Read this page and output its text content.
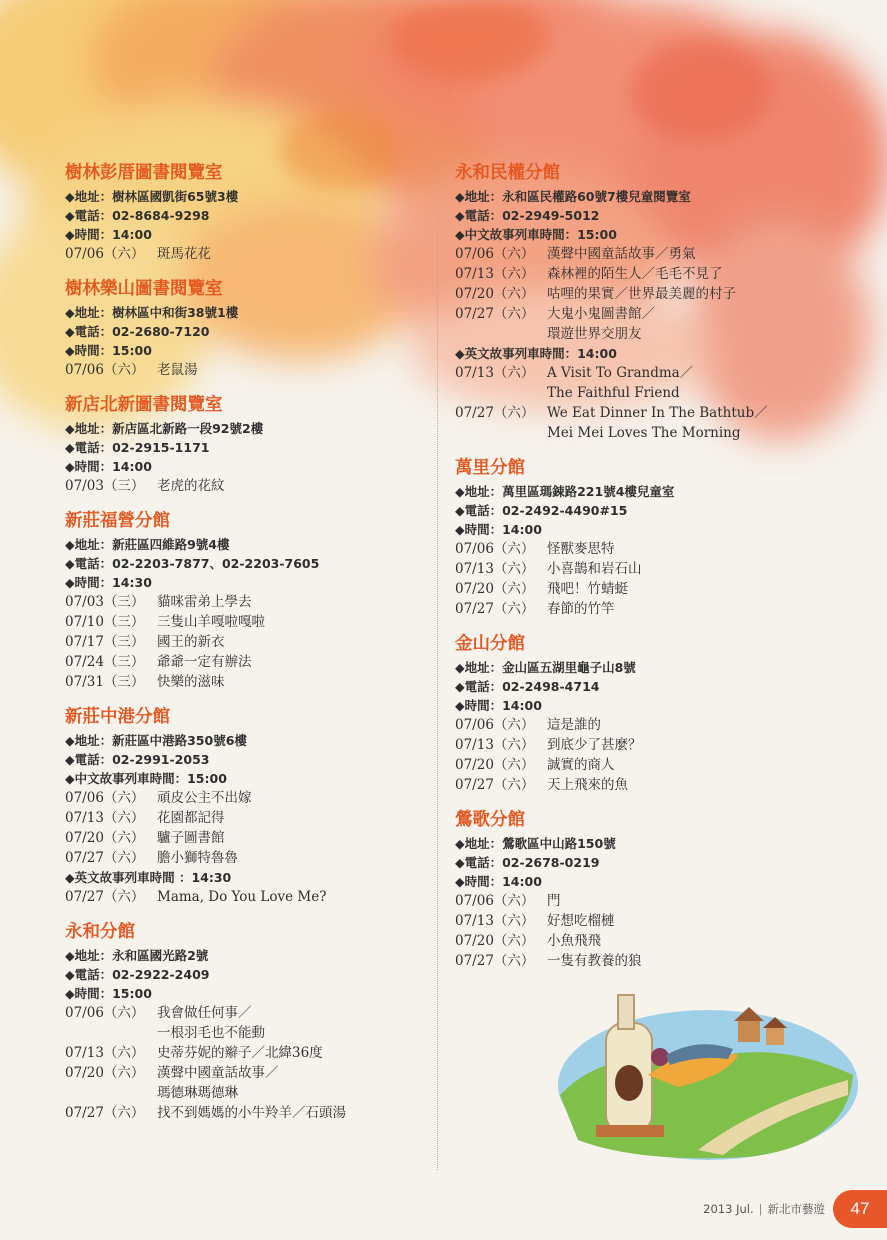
樹林彭厝圖書閱覽室
◆地址：樹林區國凱街65號3樓
◆電話：02-8684-9298
◆時間：14:00
07/06（六） 斑馬花花
樹林樂山圖書閱覽室
◆地址：樹林區中和街38號1樓
◆電話：02-2680-7120
◆時間：15:00
07/06（六） 老鼠湯
新店北新圖書閱覽室
◆地址：新店區北新路一段92號2樓
◆電話：02-2915-1171
◆時間：14:00
07/03（三） 老虎的花紋
新莊福營分館
◆地址：新莊區四維路9號4樓
◆電話：02-2203-7877、02-2203-7605
◆時間：14:30
07/03（三） 貓咪雷弟上學去
07/10（三） 三隻山羊嘎啦嘎啦
07/17（三） 國王的新衣
07/24（三） 爺爺一定有辦法
07/31（三） 快樂的滋味
新莊中港分館
◆地址：新莊區中港路350號6樓
◆電話：02-2991-2053
◆中文故事列車時間：15:00
07/06（六） 頑皮公主不出嫁
07/13（六） 花園都記得
07/20（六） 驢子圖書館
07/27（六） 膽小獅特魯魯
◆英文故事列車時間 ：14:30
07/27（六） Mama, Do You Love Me?
永和分館
◆地址：永和區國光路2號
◆電話：02-2922-2409
◆時間：15:00
07/06（六） 我會做任何事／
一根羽毛也不能動
07/13（六） 史蒂芬妮的辮子／北緯36度
07/20（六） 漢聲中國童話故事／
瑪德琳瑪德琳
07/27（六） 找不到媽媽的小牛羚羊／石頭湯
永和民權分館
◆地址：永和區民權路60號7樓兒童閱覽室
◆電話：02-2949-5012
◆中文故事列車時間：15:00
07/06（六） 漢聲中國童話故事／勇氣
07/13（六） 森林裡的陌生人／毛毛不見了
07/20（六） 咕哩的果實／世界最美麗的村子
07/27（六） 大鬼小鬼圖書館／
環遊世界交朋友
◆英文故事列車時間：14:00
07/13（六） A Visit To Grandma／
The Faithful Friend
07/27（六） We Eat Dinner In The Bathtub／
Mei Mei Loves The Morning
萬里分館
◆地址：萬里區瑪鋉路221號4樓兒童室
◆電話：02-2492-4490#15
◆時間：14:00
07/06（六） 怪獸麥思特
07/13（六） 小喜鵲和岩石山
07/20（六） 飛吧！竹蜻蜓
07/27（六） 春節的竹竿
金山分館
◆地址：金山區五湖里龜子山8號
◆電話：02-2498-4714
◆時間：14:00
07/06（六） 這是誰的
07/13（六） 到底少了甚麼？
07/20（六） 誠實的商人
07/27（六） 天上飛來的魚
鶯歌分館
◆地址：鶯歌區中山路150號
◆電話：02-2678-0219
◆時間：14:00
07/06（六） 門
07/13（六） 好想吃榴槤
07/20（六） 小魚飛飛
07/27（六） 一隻有教養的狼
2013 Jul. | 新北市藝遊	47
